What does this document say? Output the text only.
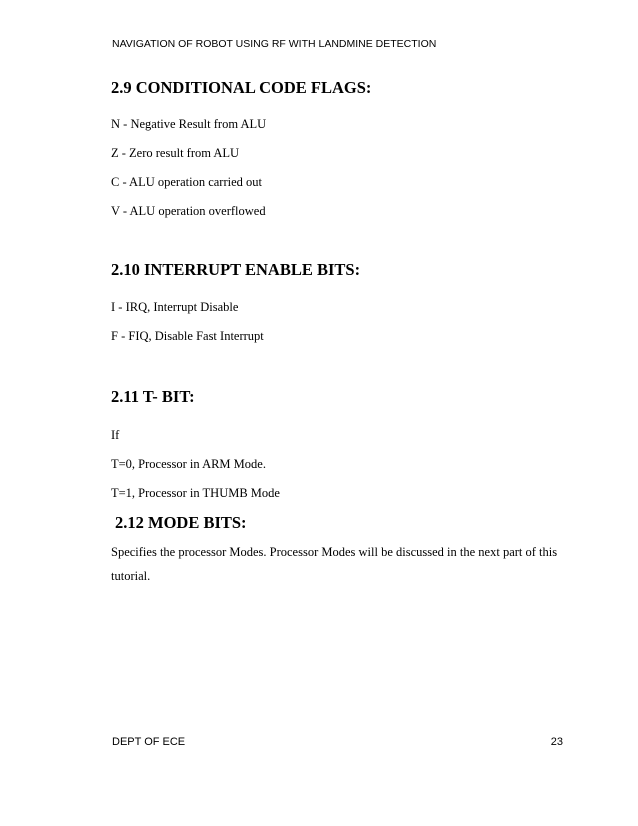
NAVIGATION OF ROBOT USING RF WITH LANDMINE DETECTION
2.9 CONDITIONAL CODE FLAGS:
N - Negative Result from ALU
Z - Zero result from ALU
C - ALU operation carried out
V - ALU operation overflowed
2.10 INTERRUPT ENABLE BITS:
I - IRQ, Interrupt Disable
F - FIQ, Disable Fast Interrupt
2.11 T- BIT:
If
T=0, Processor in ARM Mode.
T=1, Processor in THUMB Mode
2.12 MODE BITS:
Specifies the processor Modes. Processor Modes will be discussed in the next part of this tutorial.
DEPT OF ECE	23
